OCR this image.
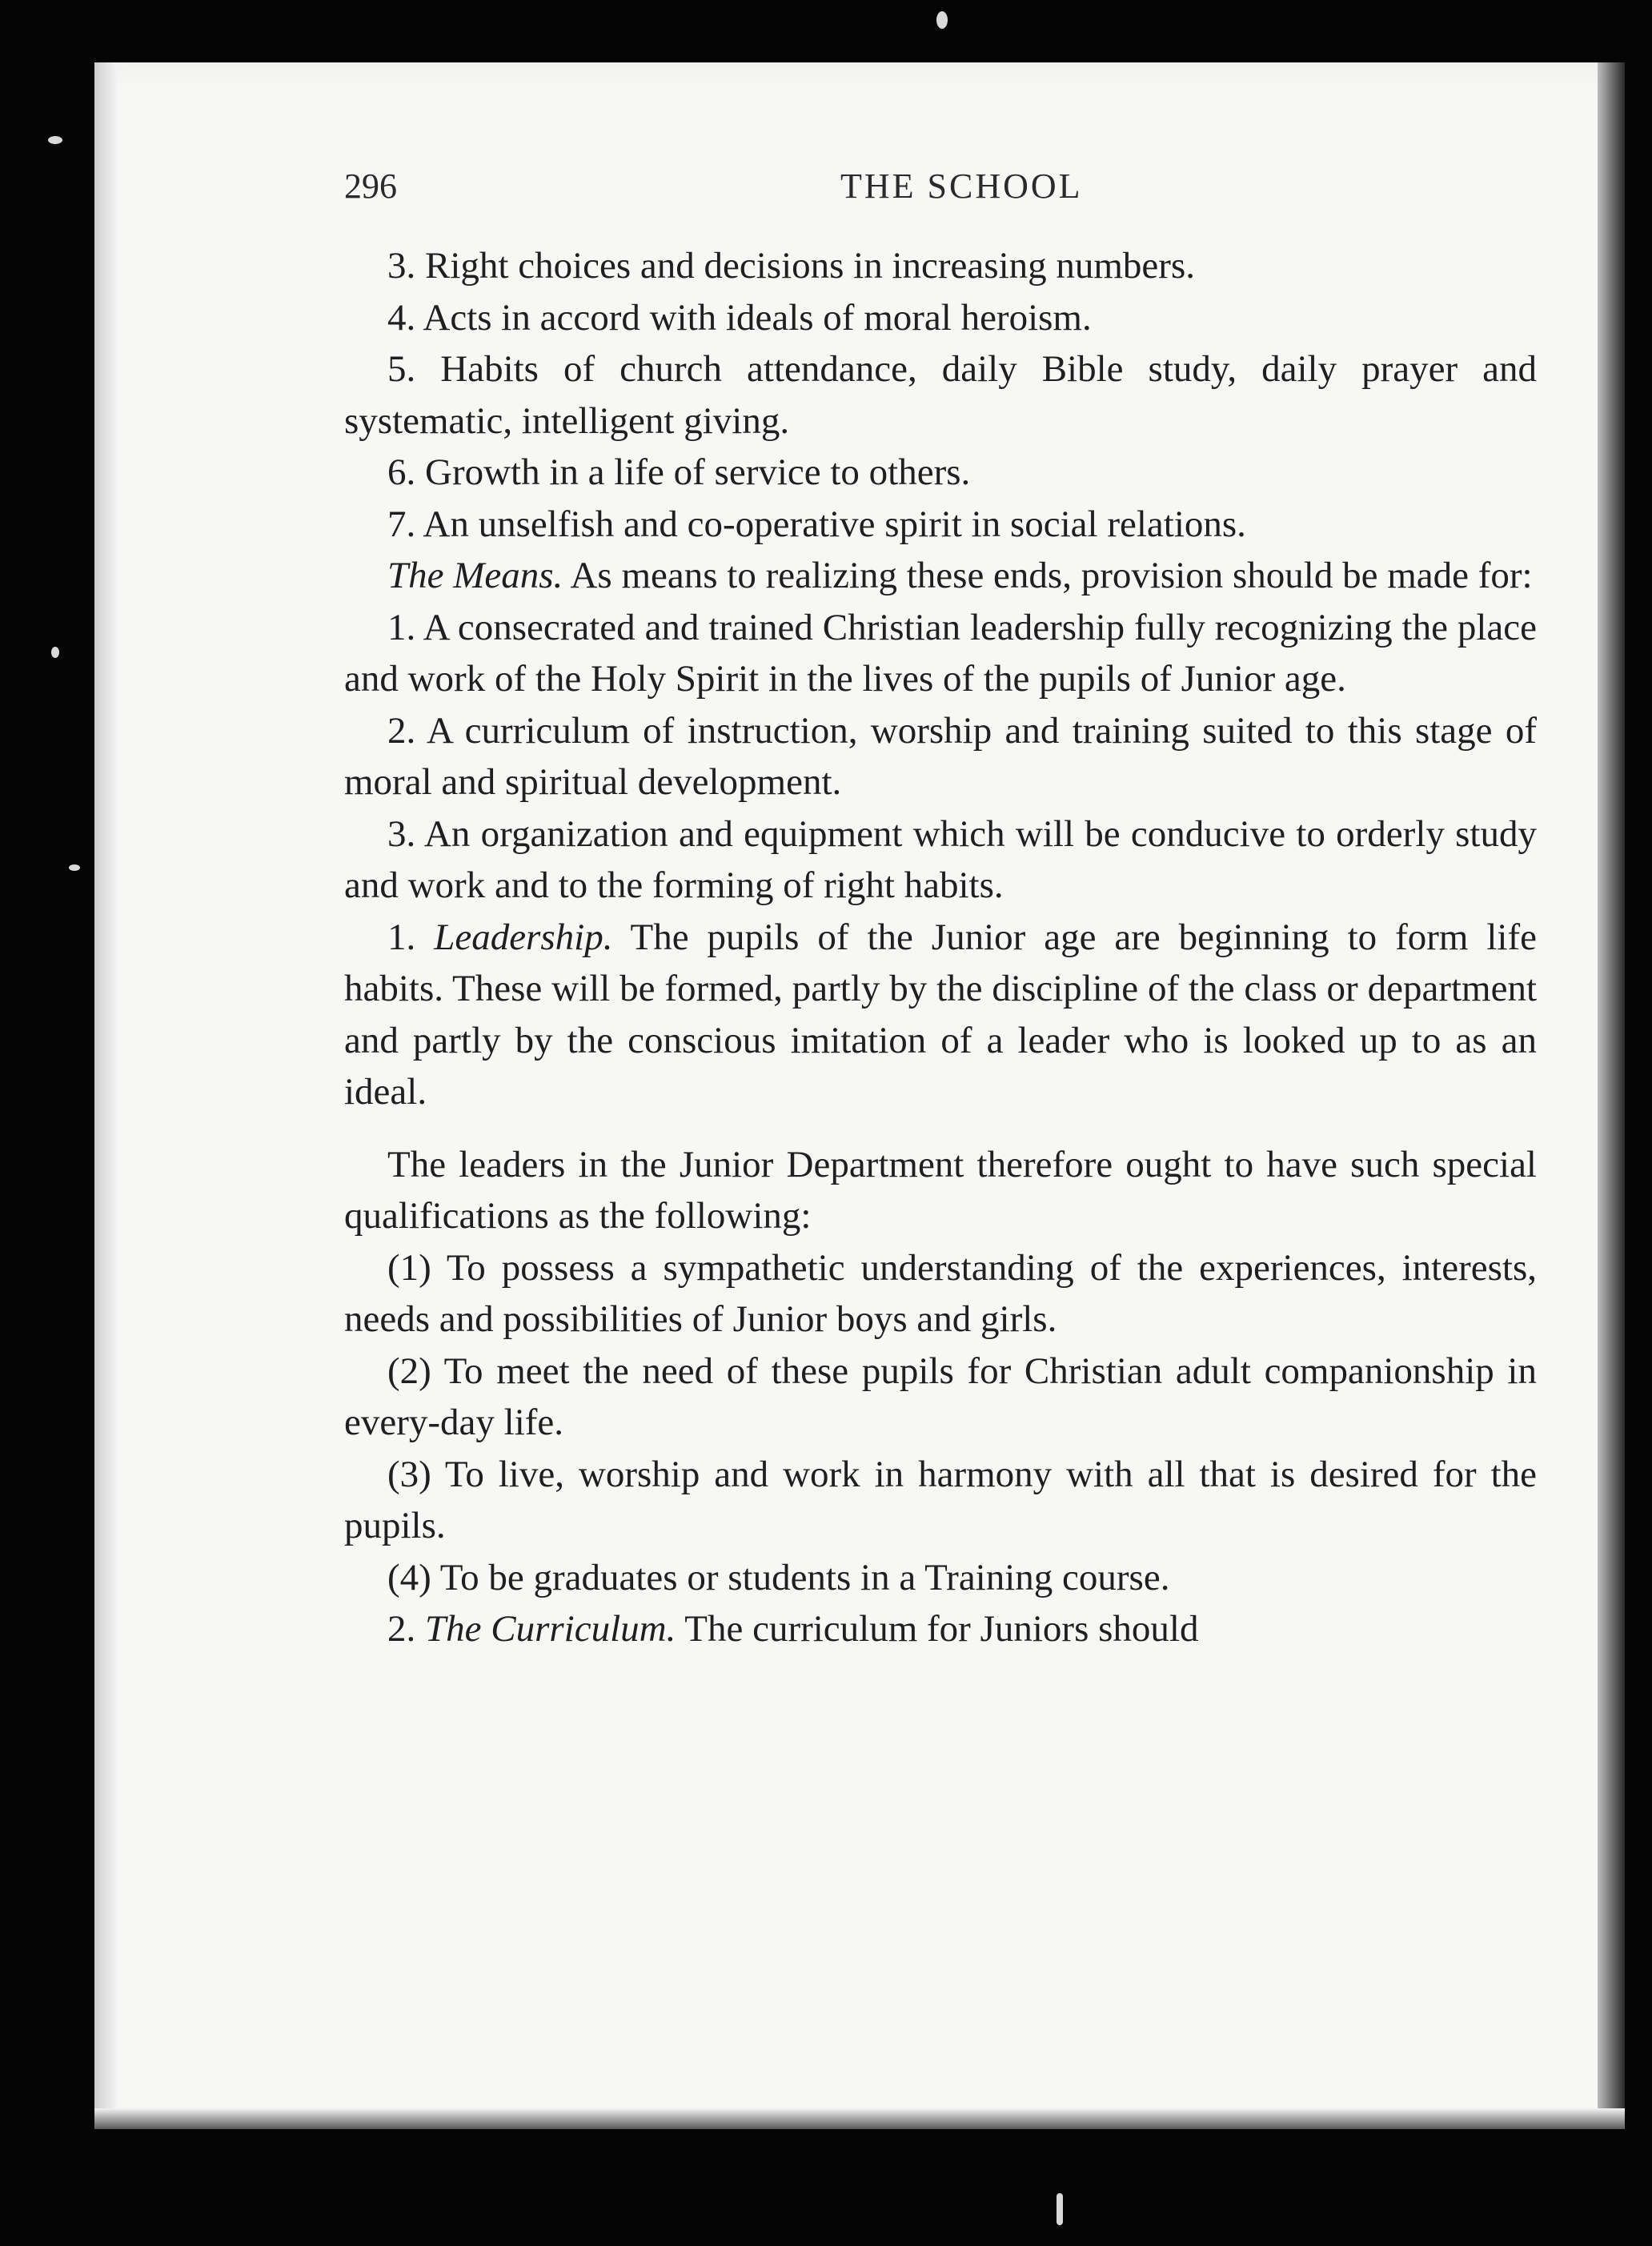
296	THE SCHOOL

3. Right choices and decisions in increasing numbers.

4. Acts in accord with ideals of moral heroism.

5. Habits of church attendance, daily Bible study, daily prayer and systematic, intelligent giving.

6. Growth in a life of service to others.

7. An unselfish and co-operative spirit in social relations.

The Means. As means to realizing these ends, provision should be made for:

1. A consecrated and trained Christian leadership fully recognizing the place and work of the Holy Spirit in the lives of the pupils of Junior age.

2. A curriculum of instruction, worship and training suited to this stage of moral and spiritual development.

3. An organization and equipment which will be conducive to orderly study and work and to the forming of right habits.

1. Leadership. The pupils of the Junior age are beginning to form life habits. These will be formed, partly by the discipline of the class or department and partly by the conscious imitation of a leader who is looked up to as an ideal.

The leaders in the Junior Department therefore ought to have such special qualifications as the following:

(1) To possess a sympathetic understanding of the experiences, interests, needs and possibilities of Junior boys and girls.

(2) To meet the need of these pupils for Christian adult companionship in every-day life.

(3) To live, worship and work in harmony with all that is desired for the pupils.

(4) To be graduates or students in a Training course.

2. The Curriculum. The curriculum for Juniors should
